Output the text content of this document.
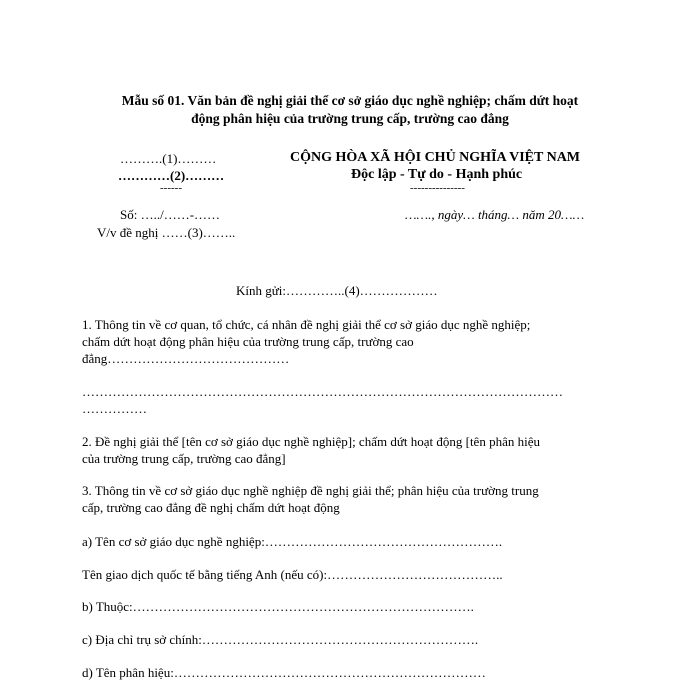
Mẫu số 01. Văn bản đề nghị giải thể cơ sở giáo dục nghề nghiệp; chấm dứt hoạt

động phân hiệu của trường trung cấp, trường cao đẳng

……….(1)………

…………(2)………

------

Số: …../……-……

V/v đề nghị ……(3)……..

CỘNG HÒA XÃ HỘI CHỦ NGHĨA VIỆT NAM

Độc lập - Tự do - Hạnh phúc

---------------

……., ngày… tháng… năm 20……

Kính gửi:…………..(4)………………

1. Thông tin về cơ quan, tổ chức, cá nhân đề nghị giải thể cơ sở giáo dục nghề nghiệp;

chấm dứt hoạt động phân hiệu của trường trung cấp, trường cao

đẳng……………………………………

…………………………………………………………………………………………………

……………

2. Đề nghị giải thể [tên cơ sở giáo dục nghề nghiệp]; chấm dứt hoạt động [tên phân hiệu

của trường trung cấp, trường cao đẳng]

3. Thông tin về cơ sở giáo dục nghề nghiệp đề nghị giải thể; phân hiệu của trường trung

cấp, trường cao đẳng đề nghị chấm dứt hoạt động

a) Tên cơ sở giáo dục nghề nghiệp:……………………………………………….

Tên giao dịch quốc tế bằng tiếng Anh (nếu có):…………………………………..

b) Thuộc:…………………………………………………………………….

c) Địa chỉ trụ sở chính:……………………………………………………….

d) Tên phân hiệu:………………………………………………………………
